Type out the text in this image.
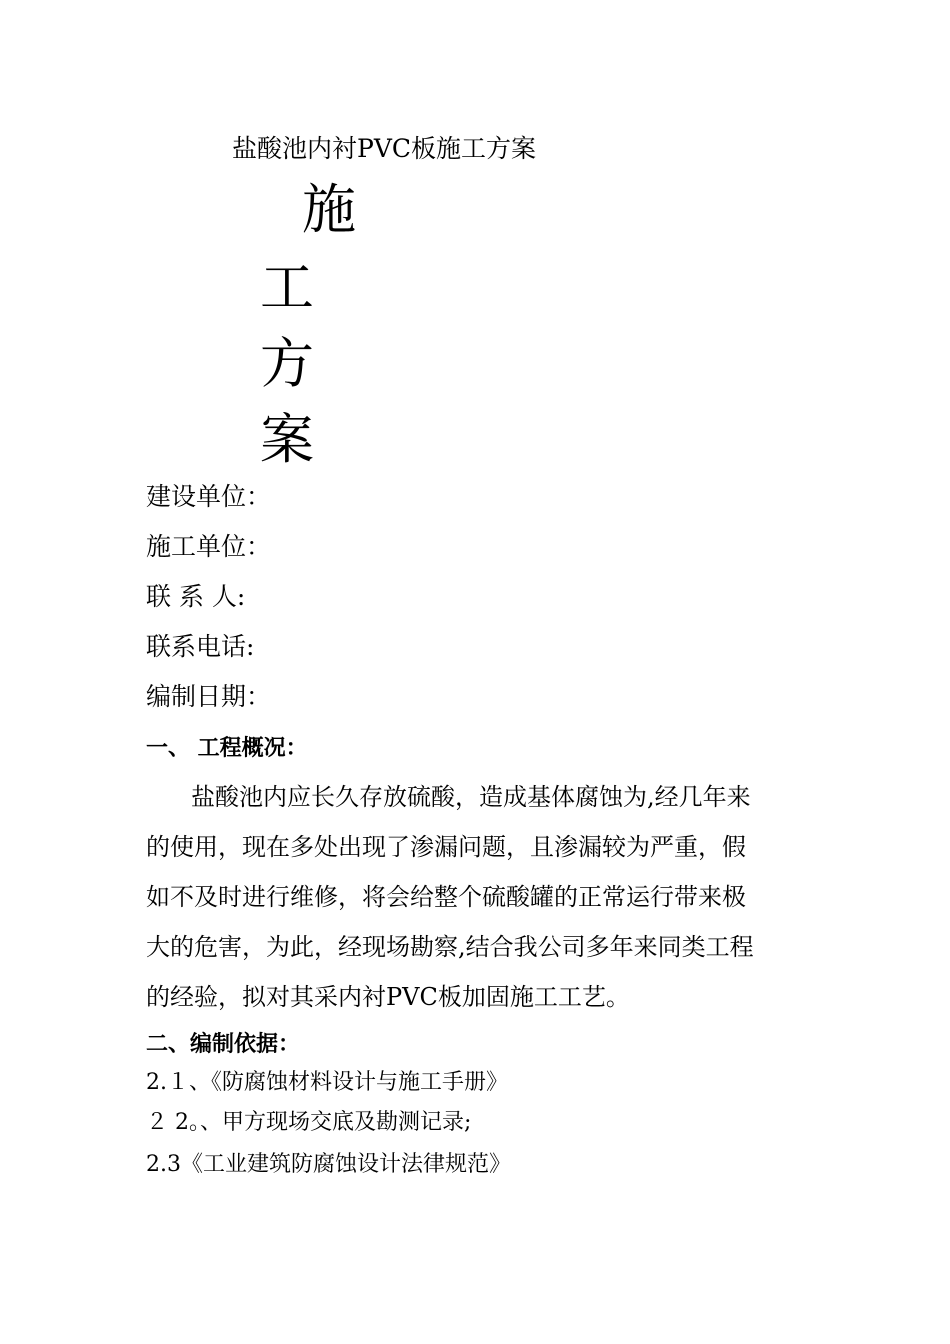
盐酸池内衬PVC板施工方案
施
工
方
案
建设单位：
施工单位：
联 系 人:
联系电话:
编制日期：
一、 工程概况：
盐酸池内应长久存放硫酸，造成基体腐蚀为,经几年来
的使用，现在多处出现了渗漏问题，且渗漏较为严重，假
如不及时进行维修，将会给整个硫酸罐的正常运行带来极
大的危害，为此，经现场勘察,结合我公司多年来同类工程
的经验，拟对其采内衬PVC板加固施工工艺。
二、编制依据：
2.１、《防腐蚀材料设计与施工手册》
２ 2。、甲方现场交底及勘测记录;
2.3《工业建筑防腐蚀设计法律规范》
